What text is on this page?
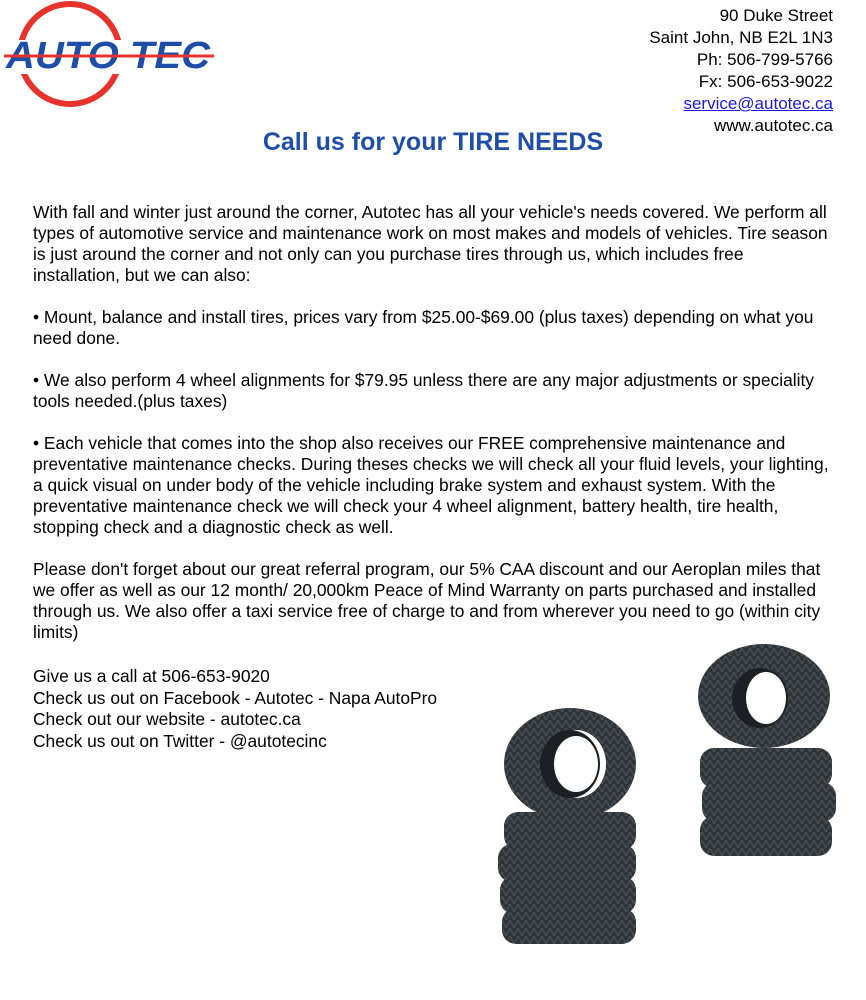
AUTO TEC
90 Duke Street
Saint John, NB E2L 1N3
Ph: 506-799-5766
Fx: 506-653-9022
service@autotec.ca
www.autotec.ca
Call us for your TIRE NEEDS

With fall and winter just around the corner, Autotec has all your vehicle's needs covered. We perform all types of automotive service and maintenance work on most makes and models of vehicles. Tire season is just around the corner and not only can you purchase tires through us, which includes free installation, but we can also:

• Mount, balance and install tires, prices vary from $25.00-$69.00 (plus taxes) depending on what you need done.

• We also perform 4 wheel alignments for $79.95 unless there are any major adjustments or speciality tools needed.(plus taxes)

• Each vehicle that comes into the shop also receives our FREE comprehensive maintenance and preventative maintenance checks. During theses checks we will check all your fluid levels, your lighting, a quick visual on under body of the vehicle including brake system and exhaust system. With the preventative maintenance check we will check your 4 wheel alignment, battery health, tire health, stopping check and a diagnostic check as well.

Please don't forget about our great referral program, our 5% CAA discount and our Aeroplan miles that we offer as well as our 12 month/ 20,000km Peace of Mind Warranty on parts purchased and installed through us. We also offer a taxi service free of charge to and from wherever you need to go (within city limits)

Give us a call at 506-653-9020
Check us out on Facebook - Autotec - Napa AutoPro
Check out our website - autotec.ca
Check us out on Twitter - @autotecinc
